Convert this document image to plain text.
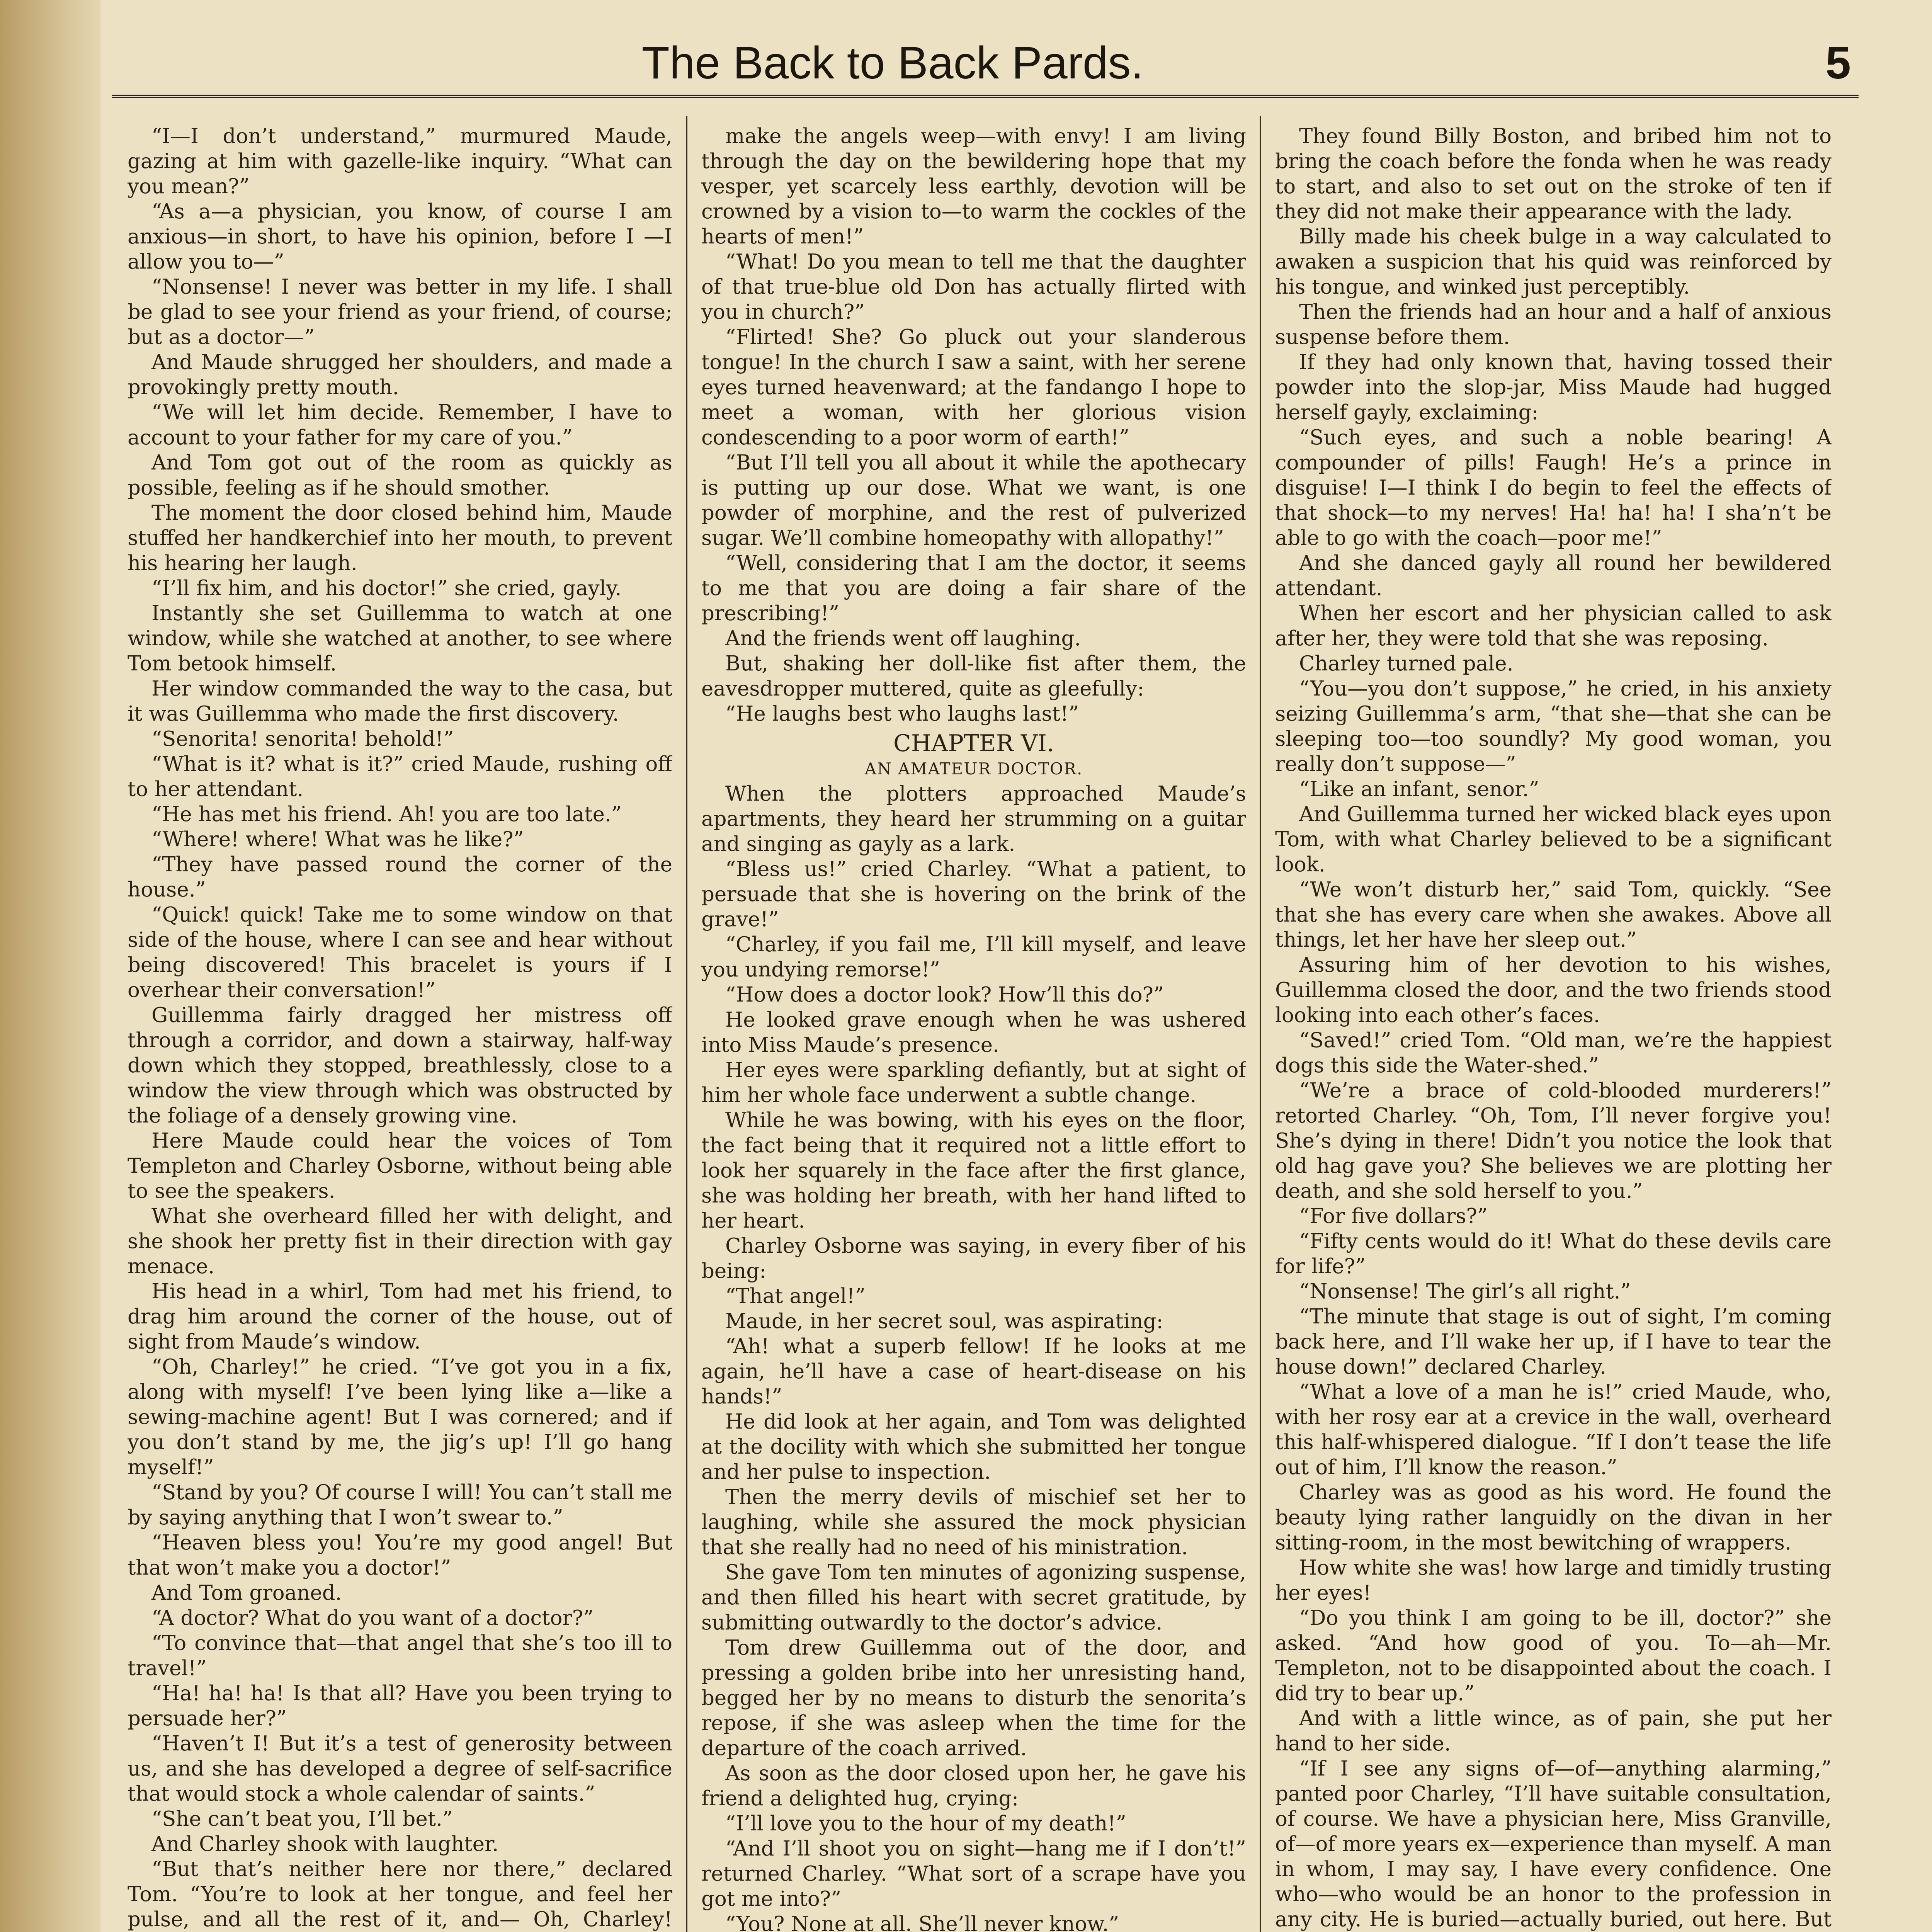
The Back to Back Pards.	5

“I—I don’t understand,” murmured Maude, gazing at him with gazelle-like inquiry. “What can you mean?”

“As a—a physician, you know, of course I am anxious—in short, to have his opinion, before I —I allow you to—”

“Nonsense! I never was better in my life. I shall be glad to see your friend as your friend, of course; but as a doctor—”

And Maude shrugged her shoulders, and made a provokingly pretty mouth.

“We will let him decide. Remember, I have to account to your father for my care of you.”

And Tom got out of the room as quickly as possible, feeling as if he should smother.

The moment the door closed behind him, Maude stuffed her handkerchief into her mouth, to prevent his hearing her laugh.

“I’ll fix him, and his doctor!” she cried, gayly.

Instantly she set Guillemma to watch at one window, while she watched at another, to see where Tom betook himself.

Her window commanded the way to the casa, but it was Guillemma who made the first discovery.

“Senorita! senorita! behold!”

“What is it? what is it?” cried Maude, rushing off to her attendant.

“He has met his friend. Ah! you are too late.”

“Where! where! What was he like?”

“They have passed round the corner of the house.”

“Quick! quick! Take me to some window on that side of the house, where I can see and hear without being discovered! This bracelet is yours if I overhear their conversation!”

Guillemma fairly dragged her mistress off through a corridor, and down a stairway, half-way down which they stopped, breathlessly, close to a window the view through which was obstructed by the foliage of a densely growing vine.

Here Maude could hear the voices of Tom Templeton and Charley Osborne, without being able to see the speakers.

What she overheard filled her with delight, and she shook her pretty fist in their direction with gay menace.

His head in a whirl, Tom had met his friend, to drag him around the corner of the house, out of sight from Maude’s window.

“Oh, Charley!” he cried. “I’ve got you in a fix, along with myself! I’ve been lying like a—like a sewing-machine agent! But I was cornered; and if you don’t stand by me, the jig’s up! I’ll go hang myself!”

“Stand by you? Of course I will! You can’t stall me by saying anything that I won’t swear to.”

“Heaven bless you! You’re my good angel! But that won’t make you a doctor!”

And Tom groaned.

“A doctor? What do you want of a doctor?”

“To convince that—that angel that she’s too ill to travel!”

“Ha! ha! ha! Is that all? Have you been trying to persuade her?”

“Haven’t I! But it’s a test of generosity between us, and she has developed a degree of self-sacrifice that would stock a whole calendar of saints.”

“She can’t beat you, I’ll bet.”

And Charley shook with laughter.

“But that’s neither here nor there,” declared Tom. “You’re to look at her tongue, and feel her pulse, and all the rest of it, and— Oh, Charley!

make the angels weep—with envy! I am living through the day on the bewildering hope that my vesper, yet scarcely less earthly, devotion will be crowned by a vision to—to warm the cockles of the hearts of men!”

“What! Do you mean to tell me that the daughter of that true-blue old Don has actually flirted with you in church?”

“Flirted! She? Go pluck out your slanderous tongue! In the church I saw a saint, with her serene eyes turned heavenward; at the fandango I hope to meet a woman, with her glorious vision condescending to a poor worm of earth!”

“But I’ll tell you all about it while the apothecary is putting up our dose. What we want, is one powder of morphine, and the rest of pulverized sugar. We’ll combine homeopathy with allopathy!”

“Well, considering that I am the doctor, it seems to me that you are doing a fair share of the prescribing!”

And the friends went off laughing.

But, shaking her doll-like fist after them, the eavesdropper muttered, quite as gleefully:

“He laughs best who laughs last!”

CHAPTER VI.

AN AMATEUR DOCTOR.

When the plotters approached Maude’s apartments, they heard her strumming on a guitar and singing as gayly as a lark.

“Bless us!” cried Charley. “What a patient, to persuade that she is hovering on the brink of the grave!”

“Charley, if you fail me, I’ll kill myself, and leave you undying remorse!”

“How does a doctor look? How’ll this do?”

He looked grave enough when he was ushered into Miss Maude’s presence.

Her eyes were sparkling defiantly, but at sight of him her whole face underwent a subtle change.

While he was bowing, with his eyes on the floor, the fact being that it required not a little effort to look her squarely in the face after the first glance, she was holding her breath, with her hand lifted to her heart.

Charley Osborne was saying, in every fiber of his being:

“That angel!”

Maude, in her secret soul, was aspirating:

“Ah! what a superb fellow! If he looks at me again, he’ll have a case of heart-disease on his hands!”

He did look at her again, and Tom was delighted at the docility with which she submitted her tongue and her pulse to inspection.

Then the merry devils of mischief set her to laughing, while she assured the mock physician that she really had no need of his ministration.

She gave Tom ten minutes of agonizing suspense, and then filled his heart with secret gratitude, by submitting outwardly to the doctor’s advice.

Tom drew Guillemma out of the door, and pressing a golden bribe into her unresisting hand, begged her by no means to disturb the senorita’s repose, if she was asleep when the time for the departure of the coach arrived.

As soon as the door closed upon her, he gave his friend a delighted hug, crying:

“I’ll love you to the hour of my death!”

“And I’ll shoot you on sight—hang me if I don’t!” returned Charley. “What sort of a scrape have you got me into?”

“You? None at all. She’ll never know.”

They found Billy Boston, and bribed him not to bring the coach before the fonda when he was ready to start, and also to set out on the stroke of ten if they did not make their appearance with the lady.

Billy made his cheek bulge in a way calculated to awaken a suspicion that his quid was reinforced by his tongue, and winked just perceptibly.

Then the friends had an hour and a half of anxious suspense before them.

If they had only known that, having tossed their powder into the slop-jar, Miss Maude had hugged herself gayly, exclaiming:

“Such eyes, and such a noble bearing! A compounder of pills! Faugh! He’s a prince in disguise! I—I think I do begin to feel the effects of that shock—to my nerves! Ha! ha! ha! I sha’n’t be able to go with the coach—poor me!”

And she danced gayly all round her bewildered attendant.

When her escort and her physician called to ask after her, they were told that she was reposing.

Charley turned pale.

“You—you don’t suppose,” he cried, in his anxiety seizing Guillemma’s arm, “that she—that she can be sleeping too—too soundly? My good woman, you really don’t suppose—”

“Like an infant, senor.”

And Guillemma turned her wicked black eyes upon Tom, with what Charley believed to be a significant look.

“We won’t disturb her,” said Tom, quickly. “See that she has every care when she awakes. Above all things, let her have her sleep out.”

Assuring him of her devotion to his wishes, Guillemma closed the door, and the two friends stood looking into each other’s faces.

“Saved!” cried Tom. “Old man, we’re the happiest dogs this side the Water-shed.”

“We’re a brace of cold-blooded murderers!” retorted Charley. “Oh, Tom, I’ll never forgive you! She’s dying in there! Didn’t you notice the look that old hag gave you? She believes we are plotting her death, and she sold herself to you.”

“For five dollars?”

“Fifty cents would do it! What do these devils care for life?”

“Nonsense! The girl’s all right.”

“The minute that stage is out of sight, I’m coming back here, and I’ll wake her up, if I have to tear the house down!” declared Charley.

“What a love of a man he is!” cried Maude, who, with her rosy ear at a crevice in the wall, overheard this half-whispered dialogue. “If I don’t tease the life out of him, I’ll know the reason.”

Charley was as good as his word. He found the beauty lying rather languidly on the divan in her sitting-room, in the most bewitching of wrappers.

How white she was! how large and timidly trusting her eyes!

“Do you think I am going to be ill, doctor?” she asked. “And how good of you. To—ah—Mr. Templeton, not to be disappointed about the coach. I did try to bear up.”

And with a little wince, as of pain, she put her hand to her side.

“If I see any signs of—of—anything alarming,” panted poor Charley, “I’ll have suitable consultation, of course. We have a physician here, Miss Granville, of—of more years ex—experience than myself. A man in whom, I may say, I have every confidence. One who—who would be an honor to the profession in any city. He is buried—actually buried, out here. But
